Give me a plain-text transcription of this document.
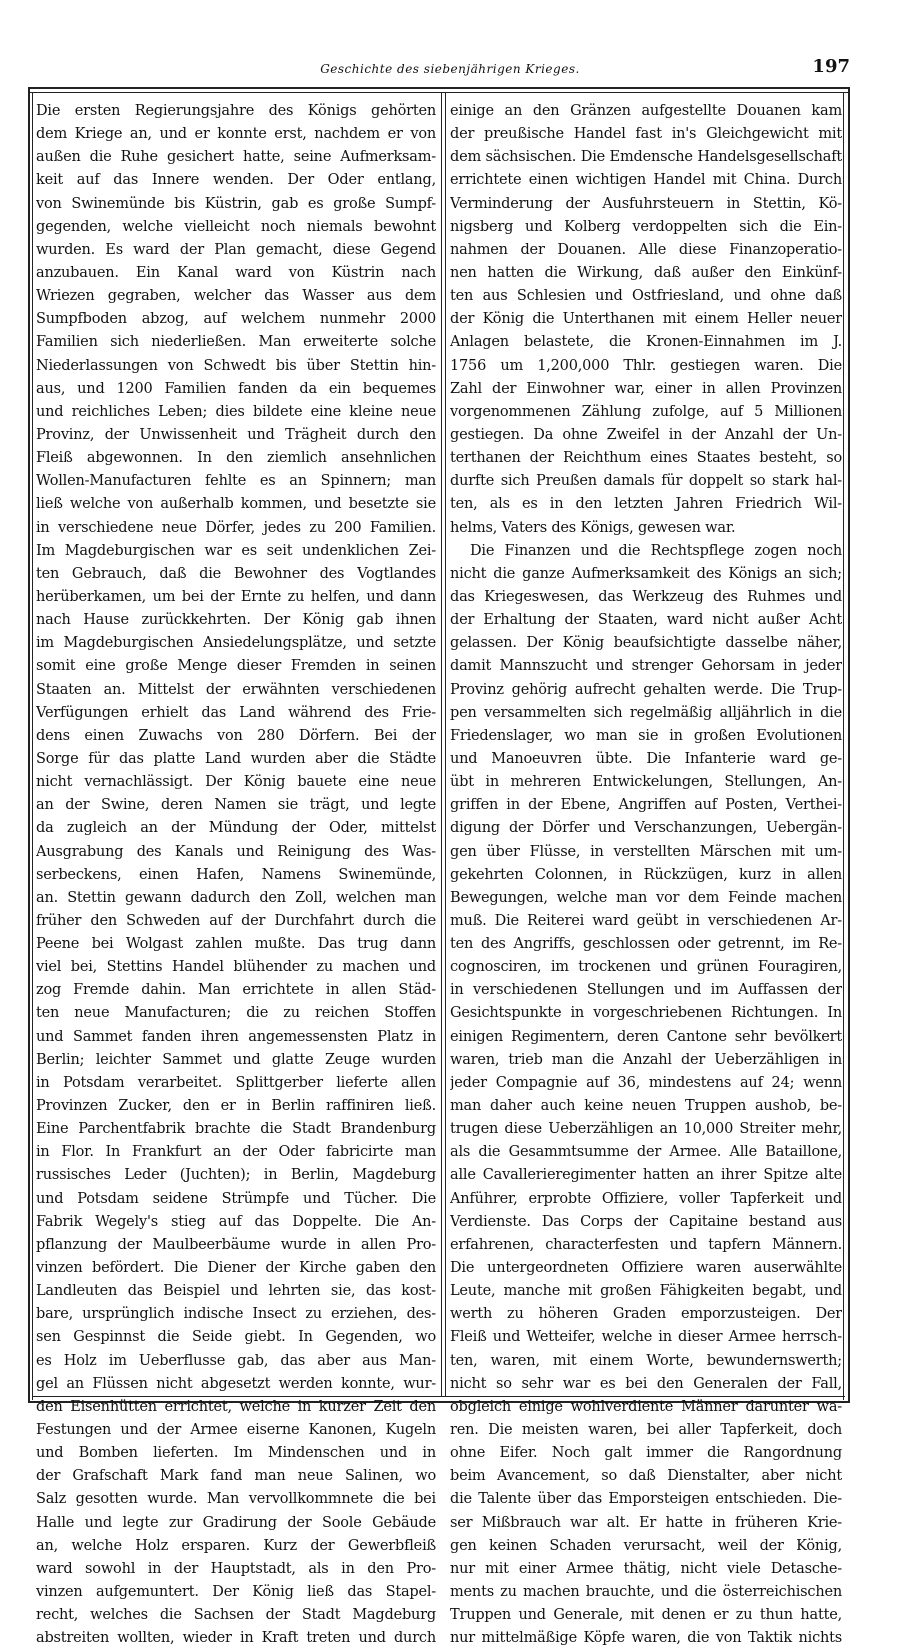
Geschichte des siebenjährigen Krieges.	197
Die ersten Regierungsjahre des Königs gehörten
dem Kriege an, und er konnte erst, nachdem er von
außen die Ruhe gesichert hatte, seine Aufmerksam-
keit auf das Innere wenden. Der Oder entlang,
von Swinemünde bis Küstrin, gab es große Sumpf-
gegenden, welche vielleicht noch niemals bewohnt
wurden. Es ward der Plan gemacht, diese Gegend
anzubauen. Ein Kanal ward von Küstrin nach
Wriezen gegraben, welcher das Wasser aus dem
Sumpfboden abzog, auf welchem nunmehr 2000
Familien sich niederließen. Man erweiterte solche
Niederlassungen von Schwedt bis über Stettin hin-
aus, und 1200 Familien fanden da ein bequemes
und reichliches Leben; dies bildete eine kleine neue
Provinz, der Unwissenheit und Trägheit durch den
Fleiß abgewonnen. In den ziemlich ansehnlichen
Wollen-Manufacturen fehlte es an Spinnern; man
ließ welche von außerhalb kommen, und besetzte sie
in verschiedene neue Dörfer, jedes zu 200 Familien.
Im Magdeburgischen war es seit undenklichen Zei-
ten Gebrauch, daß die Bewohner des Vogtlandes
herüberkamen, um bei der Ernte zu helfen, und dann
nach Hause zurückkehrten. Der König gab ihnen
im Magdeburgischen Ansiedelungsplätze, und setzte
somit eine große Menge dieser Fremden in seinen
Staaten an. Mittelst der erwähnten verschiedenen
Verfügungen erhielt das Land während des Frie-
dens einen Zuwachs von 280 Dörfern. Bei der
Sorge für das platte Land wurden aber die Städte
nicht vernachlässigt. Der König bauete eine neue
an der Swine, deren Namen sie trägt, und legte
da zugleich an der Mündung der Oder, mittelst
Ausgrabung des Kanals und Reinigung des Was-
serbeckens, einen Hafen, Namens Swinemünde,
an. Stettin gewann dadurch den Zoll, welchen man
früher den Schweden auf der Durchfahrt durch die
Peene bei Wolgast zahlen mußte. Das trug dann
viel bei, Stettins Handel blühender zu machen und
zog Fremde dahin. Man errichtete in allen Städ-
ten neue Manufacturen; die zu reichen Stoffen
und Sammet fanden ihren angemessensten Platz in
Berlin; leichter Sammet und glatte Zeuge wurden
in Potsdam verarbeitet. Splittgerber lieferte allen
Provinzen Zucker, den er in Berlin raffiniren ließ.
Eine Parchentfabrik brachte die Stadt Brandenburg
in Flor. In Frankfurt an der Oder fabricirte man
russisches Leder (Juchten); in Berlin, Magdeburg
und Potsdam seidene Strümpfe und Tücher. Die
Fabrik Wegely's stieg auf das Doppelte. Die An-
pflanzung der Maulbeerbäume wurde in allen Pro-
vinzen befördert. Die Diener der Kirche gaben den
Landleuten das Beispiel und lehrten sie, das kost-
bare, ursprünglich indische Insect zu erziehen, des-
sen Gespinnst die Seide giebt. In Gegenden, wo
es Holz im Ueberflusse gab, das aber aus Man-
gel an Flüssen nicht abgesetzt werden konnte, wur-
den Eisenhütten errichtet, welche in kurzer Zeit den
Festungen und der Armee eiserne Kanonen, Kugeln
und Bomben lieferten. Im Mindenschen und in
der Grafschaft Mark fand man neue Salinen, wo
Salz gesotten wurde. Man vervollkommnete die bei
Halle und legte zur Gradirung der Soole Gebäude
an, welche Holz ersparen. Kurz der Gewerbfleiß
ward sowohl in der Hauptstadt, als in den Pro-
vinzen aufgemuntert. Der König ließ das Stapel-
recht, welches die Sachsen der Stadt Magdeburg
abstreiten wollten, wieder in Kraft treten und durch
einige an den Gränzen aufgestellte Douanen kam
der preußische Handel fast in's Gleichgewicht mit
dem sächsischen. Die Emdensche Handelsgesellschaft
errichtete einen wichtigen Handel mit China. Durch
Verminderung der Ausfuhrsteuern in Stettin, Kö-
nigsberg und Kolberg verdoppelten sich die Ein-
nahmen der Douanen. Alle diese Finanzoperatio-
nen hatten die Wirkung, daß außer den Einkünf-
ten aus Schlesien und Ostfriesland, und ohne daß
der König die Unterthanen mit einem Heller neuer
Anlagen belastete, die Kronen-Einnahmen im J.
1756 um 1,200,000 Thlr. gestiegen waren. Die
Zahl der Einwohner war, einer in allen Provinzen
vorgenommenen Zählung zufolge, auf 5 Millionen
gestiegen. Da ohne Zweifel in der Anzahl der Un-
terthanen der Reichthum eines Staates besteht, so
durfte sich Preußen damals für doppelt so stark hal-
ten, als es in den letzten Jahren Friedrich Wil-
helms, Vaters des Königs, gewesen war.
Die Finanzen und die Rechtspflege zogen noch
nicht die ganze Aufmerksamkeit des Königs an sich;
das Kriegeswesen, das Werkzeug des Ruhmes und
der Erhaltung der Staaten, ward nicht außer Acht
gelassen. Der König beaufsichtigte dasselbe näher,
damit Mannszucht und strenger Gehorsam in jeder
Provinz gehörig aufrecht gehalten werde. Die Trup-
pen versammelten sich regelmäßig alljährlich in die
Friedenslager, wo man sie in großen Evolutionen
und Manoeuvren übte. Die Infanterie ward ge-
übt in mehreren Entwickelungen, Stellungen, An-
griffen in der Ebene, Angriffen auf Posten, Verthei-
digung der Dörfer und Verschanzungen, Uebergän-
gen über Flüsse, in verstellten Märschen mit um-
gekehrten Colonnen, in Rückzügen, kurz in allen
Bewegungen, welche man vor dem Feinde machen
muß. Die Reiterei ward geübt in verschiedenen Ar-
ten des Angriffs, geschlossen oder getrennt, im Re-
cognosciren, im trockenen und grünen Fouragiren,
in verschiedenen Stellungen und im Auffassen der
Gesichtspunkte in vorgeschriebenen Richtungen. In
einigen Regimentern, deren Cantone sehr bevölkert
waren, trieb man die Anzahl der Ueberzähligen in
jeder Compagnie auf 36, mindestens auf 24; wenn
man daher auch keine neuen Truppen aushob, be-
trugen diese Ueberzähligen an 10,000 Streiter mehr,
als die Gesammtsumme der Armee. Alle Bataillone,
alle Cavallerieregimenter hatten an ihrer Spitze alte
Anführer, erprobte Offiziere, voller Tapferkeit und
Verdienste. Das Corps der Capitaine bestand aus
erfahrenen, characterfesten und tapfern Männern.
Die untergeordneten Offiziere waren auserwählte
Leute, manche mit großen Fähigkeiten begabt, und
werth zu höheren Graden emporzusteigen. Der
Fleiß und Wetteifer, welche in dieser Armee herrsch-
ten, waren, mit einem Worte, bewundernswerth;
nicht so sehr war es bei den Generalen der Fall,
obgleich einige wohlverdiente Männer darunter wa-
ren. Die meisten waren, bei aller Tapferkeit, doch
ohne Eifer. Noch galt immer die Rangordnung
beim Avancement, so daß Dienstalter, aber nicht
die Talente über das Emporsteigen entschieden. Die-
ser Mißbrauch war alt. Er hatte in früheren Krie-
gen keinen Schaden verursacht, weil der König,
nur mit einer Armee thätig, nicht viele Detasche-
ments zu machen brauchte, und die österreichischen
Truppen und Generale, mit denen er zu thun hatte,
nur mittelmäßige Köpfe waren, die von Taktik nichts
